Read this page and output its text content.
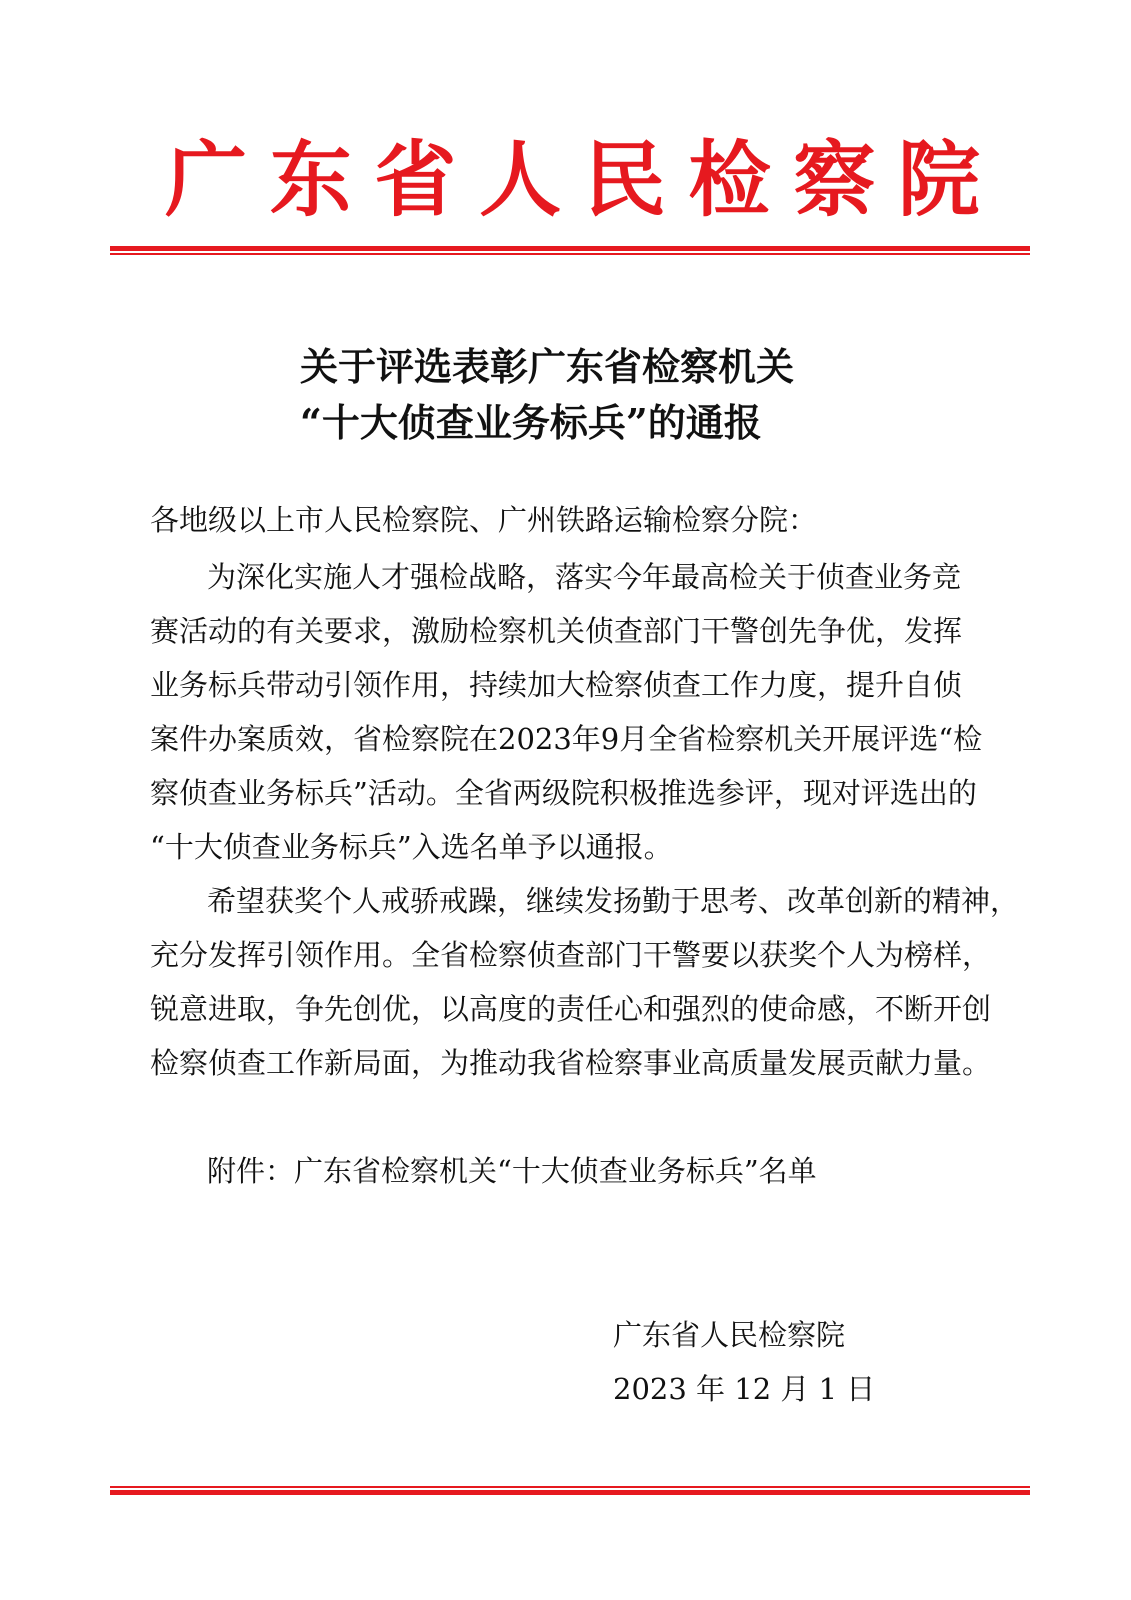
广 东 省 人 民 检 察 院
关于评选表彰广东省检察机关
“十大侦查业务标兵”的通报
各地级以上市人民检察院、广州铁路运输检察分院：
为深化实施人才强检战略，落实今年最高检关于侦查业务竞
赛活动的有关要求，激励检察机关侦查部门干警创先争优，发挥
业务标兵带动引领作用，持续加大检察侦查工作力度，提升自侦
案件办案质效，省检察院在2023年9月全省检察机关开展评选“检
察侦查业务标兵”活动。全省两级院积极推选参评，现对评选出的
“十大侦查业务标兵”入选名单予以通报。
希望获奖个人戒骄戒躁，继续发扬勤于思考、改革创新的精神，
充分发挥引领作用。全省检察侦查部门干警要以获奖个人为榜样，
锐意进取，争先创优，以高度的责任心和强烈的使命感，不断开创
检察侦查工作新局面，为推动我省检察事业高质量发展贡献力量。
附件：广东省检察机关“十大侦查业务标兵”名单
广东省人民检察院
2023 年 12 月 1 日
